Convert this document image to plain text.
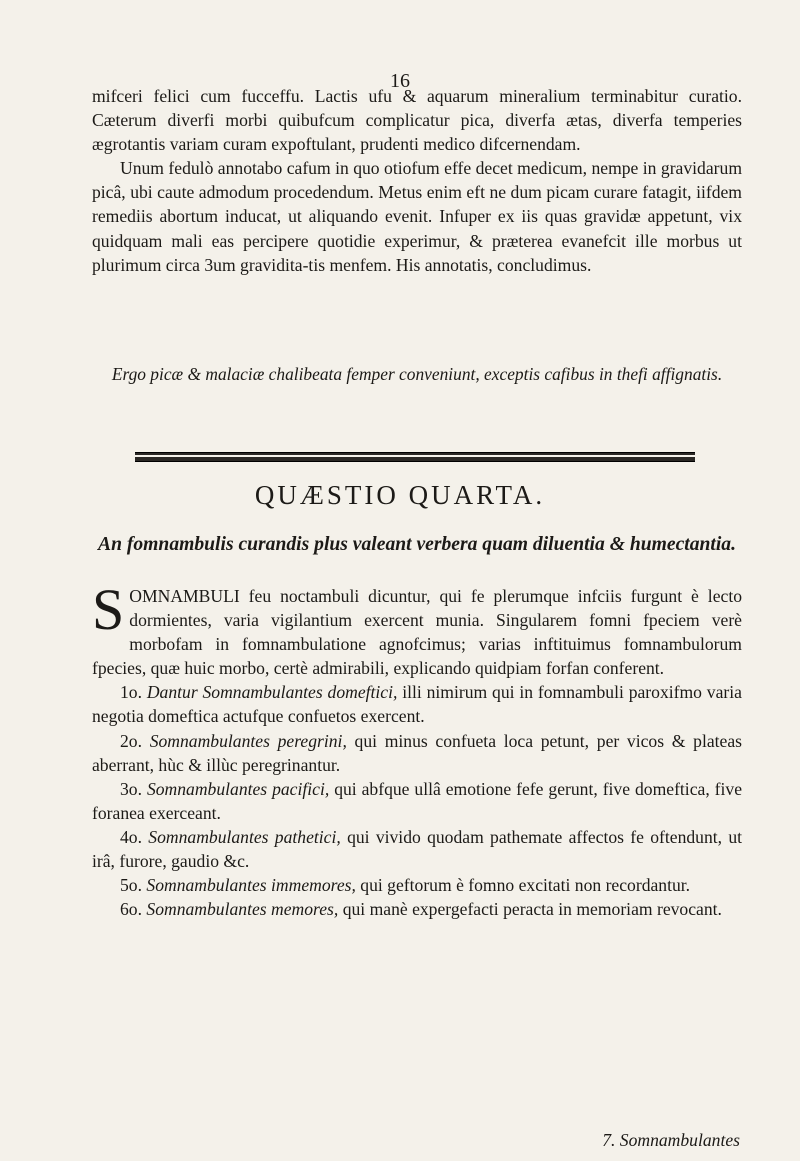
16
mifceri felici cum fucceffu. Lactis ufu & aquarum mineralium terminabitur curatio. Cæterum diverfi morbi quibufcum complicatur pica, diverfa ætas, diverfa temperies ægrotantis variam curam expoftulant, prudenti medico difcernendam.
Unum fedulò annotabo cafum in quo otiofum effe decet medicum, nempe in gravidarum picâ, ubi caute admodum procedendum. Metus enim eft ne dum picam curare fatagit, iifdem remediis abortum inducat, ut aliquando evenit. Infuper ex iis quas gravidæ appetunt, vix quidquam mali eas percipere quotidie experimur, & præterea evanefcit ille morbus ut plurimum circa 3um gravidita-tis menfem. His annotatis, concludimus.
Ergo picæ & malaciæ chalibeata femper conveniunt, exceptis cafibus in thefi affignatis.
QUÆSTIO QUARTA.
An fomnambulis curandis plus valeant verbera quam diluentia & humectantia.
SOMNAMBULI feu noctambuli dicuntur, qui fe plerumque infciis furgunt è lecto dormientes, varia vigilantium exercent munia. Singularem fomni fpeciem verè morbofam in fomnambulatione agnofcimus; varias inftituimus fomnambulorum fpecies, quæ huic morbo, certè admirabili, explicando quidpiam forfan conferent.

1o. Dantur Somnambulantes domeftici, illi nimirum qui in fomnambuli paroxifmo varia negotia domeftica actufque confuetos exercent.

2o. Somnambulantes peregrini, qui minus confueta loca petunt, per vicos & plateas aberrant, hùc & illùc peregrinantur.

3o. Somnambulantes pacifici, qui abfque ullâ emotione fefe gerunt, five domeftica, five foranea exerceant.

4o. Somnambulantes pathetici, qui vivido quodam pathemate affectos fe oftendunt, ut irâ, furore, gaudio &c.

5o. Somnambulantes immemores, qui geftorum è fomno excitati non recordantur.

6o. Somnambulantes memores, qui manè expergefacti peracta in memoriam revocant.

7. Somnambulantes
